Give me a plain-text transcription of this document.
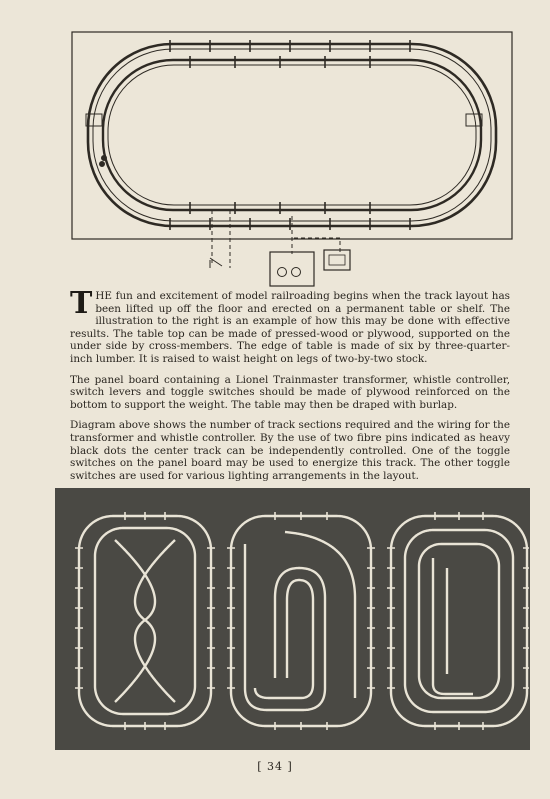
THE fun and excitement of model railroading begins when the track layout has been lifted up off the floor and erected on a permanent table or shelf. The illustration to the right is an example of how this may be done with effective results. The table top can be made of pressed-wood or plywood, supported on the under side by cross-members. The edge of table is made of six by three-quarter-inch lumber. It is raised to waist height on legs of two-by-two stock.

The panel board containing a Lionel Trainmaster transformer, whistle controller, switch levers and toggle switches should be made of plywood reinforced on the bottom to support the weight. The table may then be draped with burlap.

Diagram above shows the number of track sections required and the wiring for the transformer and whistle controller. By the use of two fibre pins indicated as heavy black dots the center track can be independently controlled. One of the toggle switches on the panel board may be used to energize this track. The other toggle switches are used for various lighting arrangements in the layout.

[ 34 ]
